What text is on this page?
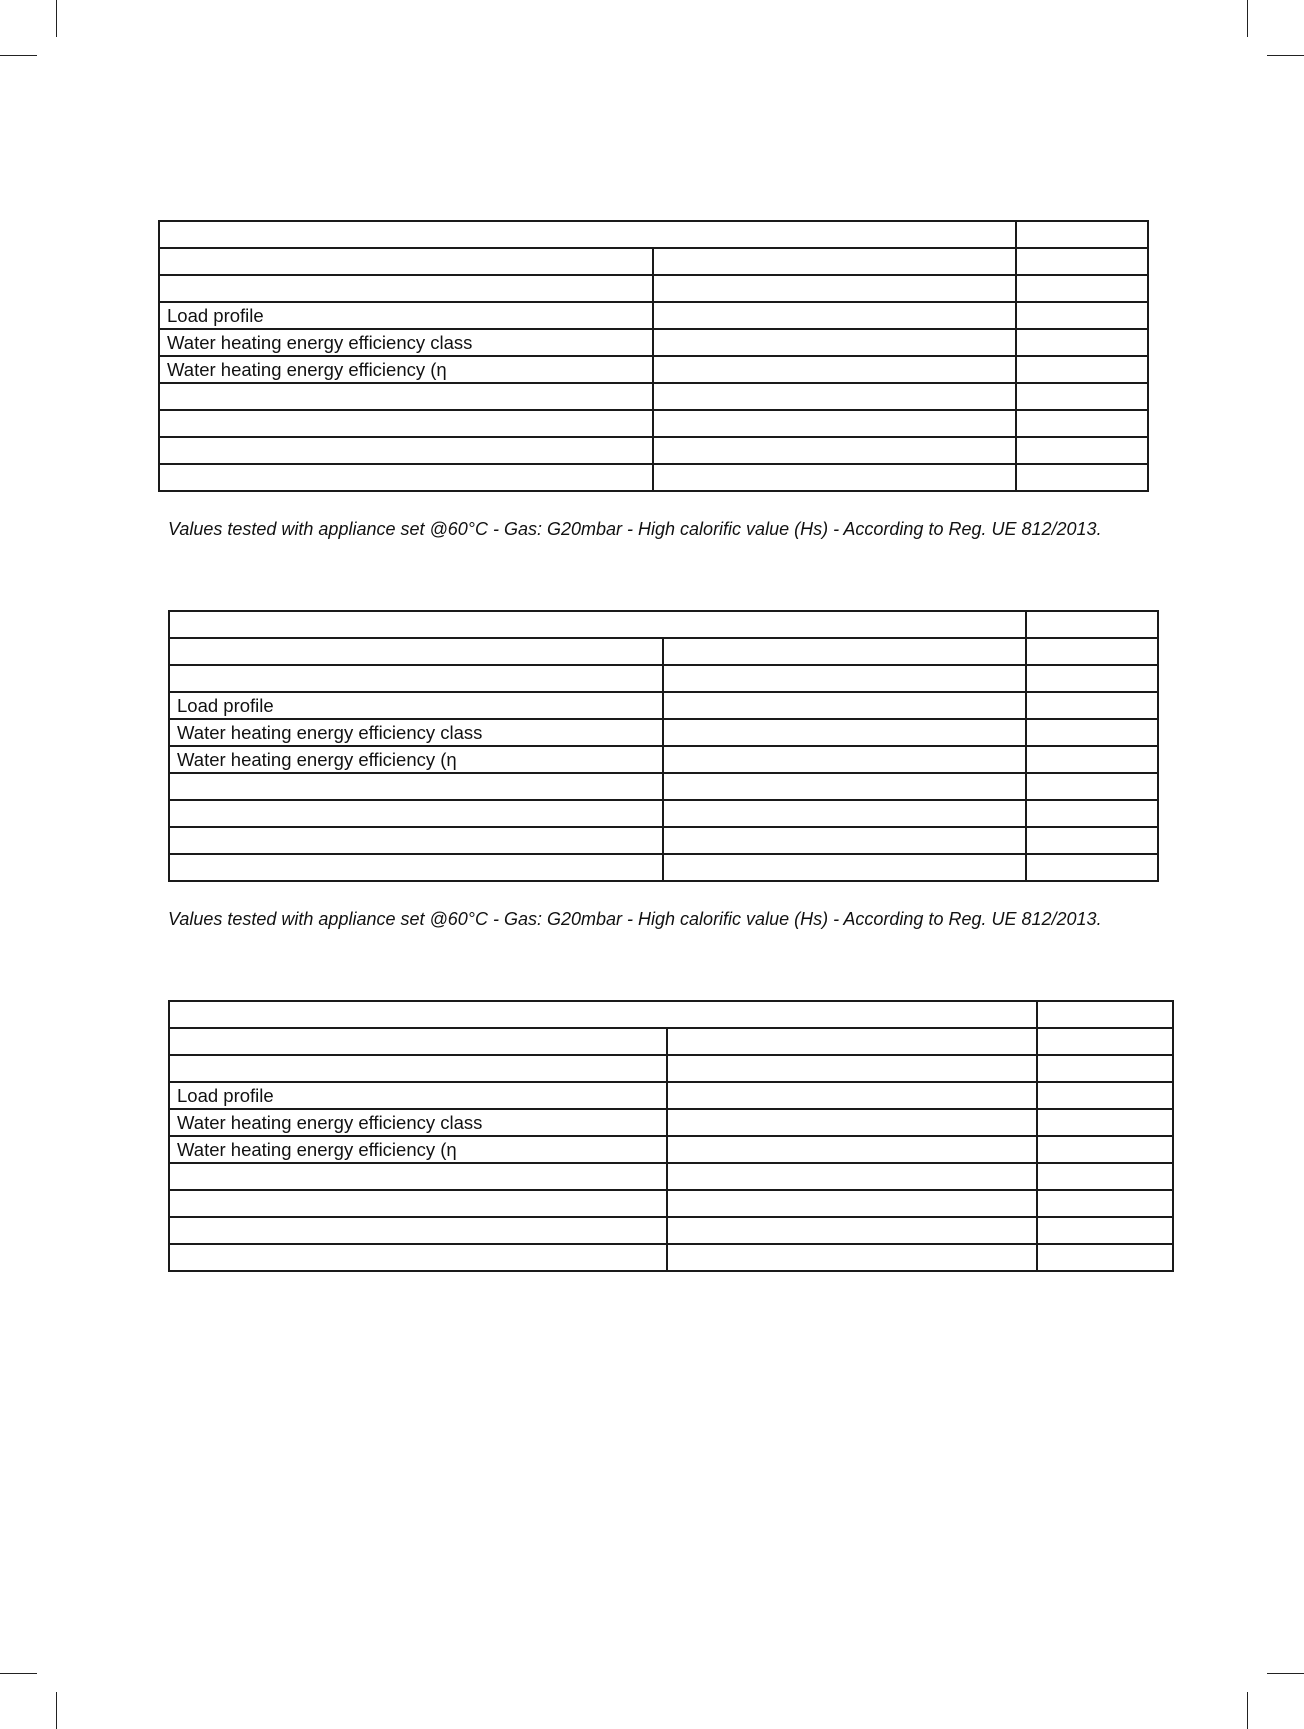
Load profile		
Water heating energy efficiency class		
Water heating energy efficiency (η		

Values tested with appliance set @60°C - Gas: G20mbar - High calorific value (Hs) - According to Reg. UE 812/2013.

Load profile		
Water heating energy efficiency class		
Water heating energy efficiency (η		

Values tested with appliance set @60°C - Gas: G20mbar - High calorific value (Hs) - According to Reg. UE 812/2013.

Load profile		
Water heating energy efficiency class		
Water heating energy efficiency (η		
